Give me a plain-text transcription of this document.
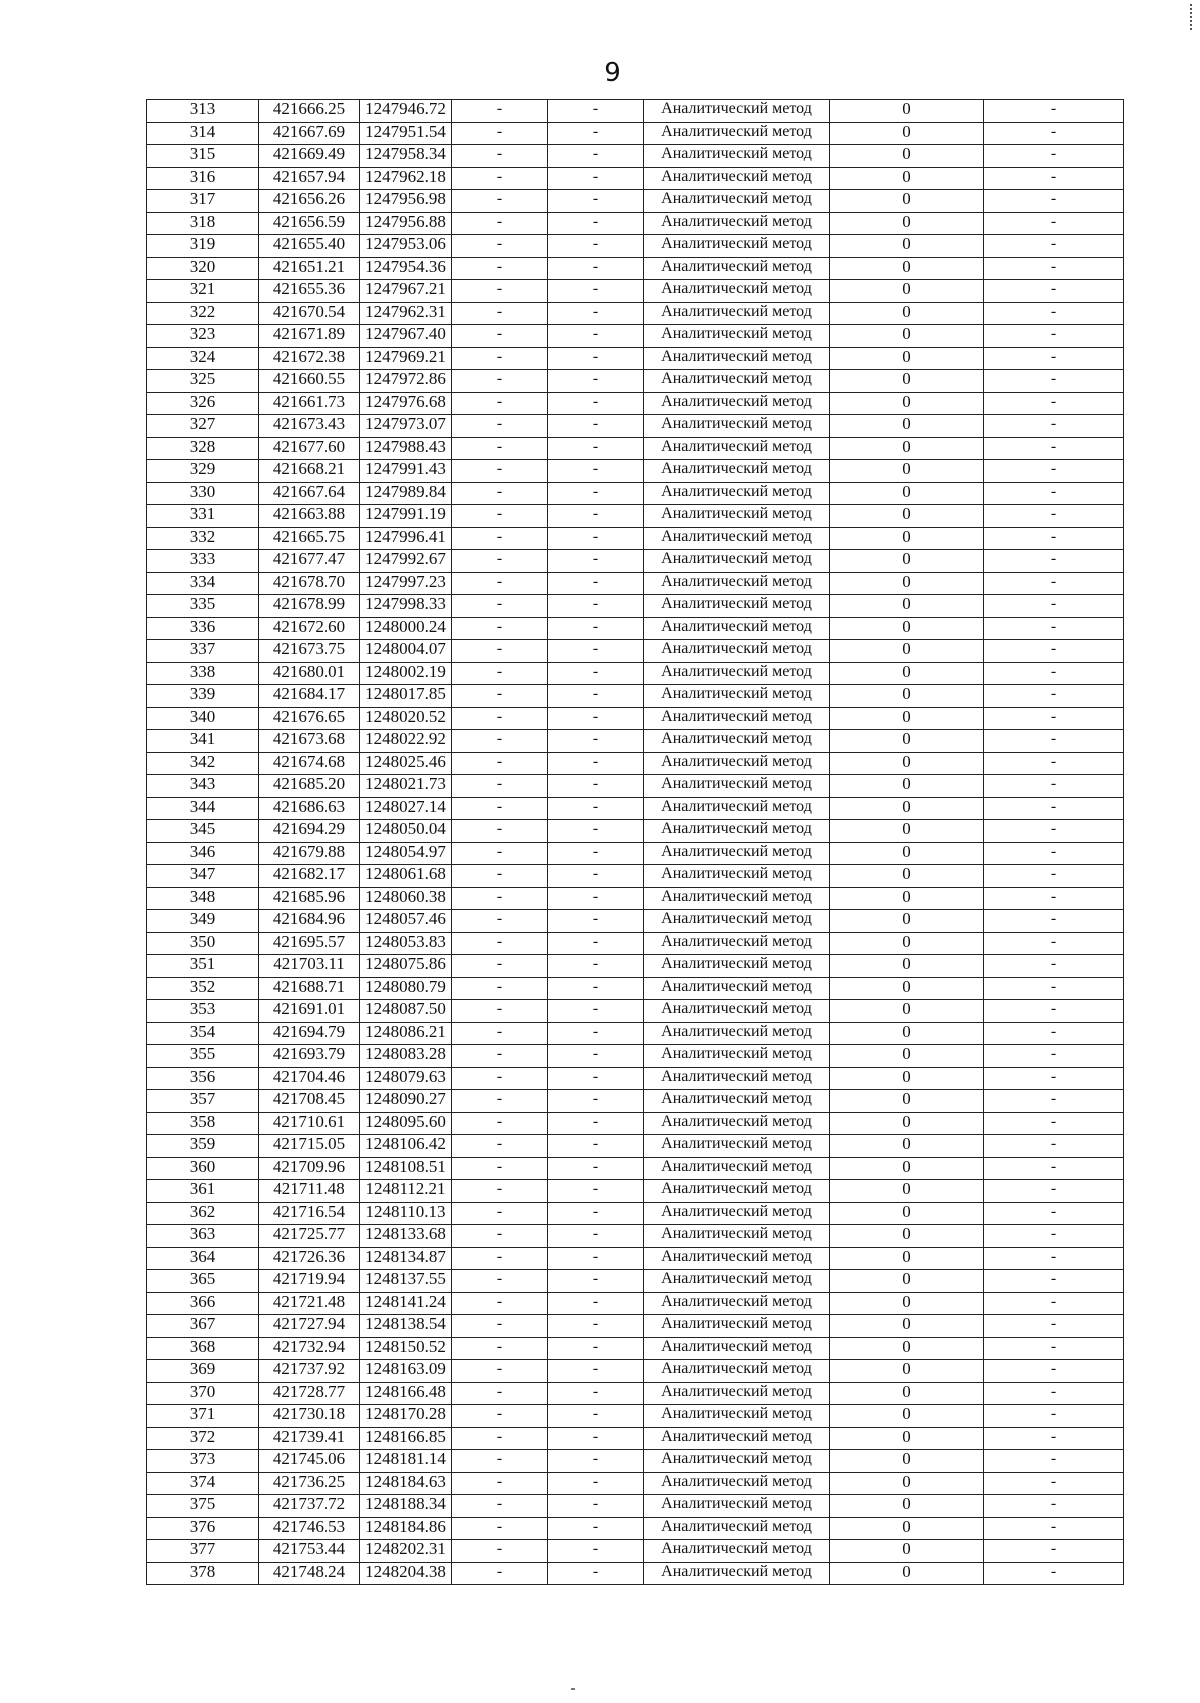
9
313	421666.25	1247946.72	-	-	Аналитический метод	0	-
314	421667.69	1247951.54	-	-	Аналитический метод	0	-
315	421669.49	1247958.34	-	-	Аналитический метод	0	-
316	421657.94	1247962.18	-	-	Аналитический метод	0	-
317	421656.26	1247956.98	-	-	Аналитический метод	0	-
318	421656.59	1247956.88	-	-	Аналитический метод	0	-
319	421655.40	1247953.06	-	-	Аналитический метод	0	-
320	421651.21	1247954.36	-	-	Аналитический метод	0	-
321	421655.36	1247967.21	-	-	Аналитический метод	0	-
322	421670.54	1247962.31	-	-	Аналитический метод	0	-
323	421671.89	1247967.40	-	-	Аналитический метод	0	-
324	421672.38	1247969.21	-	-	Аналитический метод	0	-
325	421660.55	1247972.86	-	-	Аналитический метод	0	-
326	421661.73	1247976.68	-	-	Аналитический метод	0	-
327	421673.43	1247973.07	-	-	Аналитический метод	0	-
328	421677.60	1247988.43	-	-	Аналитический метод	0	-
329	421668.21	1247991.43	-	-	Аналитический метод	0	-
330	421667.64	1247989.84	-	-	Аналитический метод	0	-
331	421663.88	1247991.19	-	-	Аналитический метод	0	-
332	421665.75	1247996.41	-	-	Аналитический метод	0	-
333	421677.47	1247992.67	-	-	Аналитический метод	0	-
334	421678.70	1247997.23	-	-	Аналитический метод	0	-
335	421678.99	1247998.33	-	-	Аналитический метод	0	-
336	421672.60	1248000.24	-	-	Аналитический метод	0	-
337	421673.75	1248004.07	-	-	Аналитический метод	0	-
338	421680.01	1248002.19	-	-	Аналитический метод	0	-
339	421684.17	1248017.85	-	-	Аналитический метод	0	-
340	421676.65	1248020.52	-	-	Аналитический метод	0	-
341	421673.68	1248022.92	-	-	Аналитический метод	0	-
342	421674.68	1248025.46	-	-	Аналитический метод	0	-
343	421685.20	1248021.73	-	-	Аналитический метод	0	-
344	421686.63	1248027.14	-	-	Аналитический метод	0	-
345	421694.29	1248050.04	-	-	Аналитический метод	0	-
346	421679.88	1248054.97	-	-	Аналитический метод	0	-
347	421682.17	1248061.68	-	-	Аналитический метод	0	-
348	421685.96	1248060.38	-	-	Аналитический метод	0	-
349	421684.96	1248057.46	-	-	Аналитический метод	0	-
350	421695.57	1248053.83	-	-	Аналитический метод	0	-
351	421703.11	1248075.86	-	-	Аналитический метод	0	-
352	421688.71	1248080.79	-	-	Аналитический метод	0	-
353	421691.01	1248087.50	-	-	Аналитический метод	0	-
354	421694.79	1248086.21	-	-	Аналитический метод	0	-
355	421693.79	1248083.28	-	-	Аналитический метод	0	-
356	421704.46	1248079.63	-	-	Аналитический метод	0	-
357	421708.45	1248090.27	-	-	Аналитический метод	0	-
358	421710.61	1248095.60	-	-	Аналитический метод	0	-
359	421715.05	1248106.42	-	-	Аналитический метод	0	-
360	421709.96	1248108.51	-	-	Аналитический метод	0	-
361	421711.48	1248112.21	-	-	Аналитический метод	0	-
362	421716.54	1248110.13	-	-	Аналитический метод	0	-
363	421725.77	1248133.68	-	-	Аналитический метод	0	-
364	421726.36	1248134.87	-	-	Аналитический метод	0	-
365	421719.94	1248137.55	-	-	Аналитический метод	0	-
366	421721.48	1248141.24	-	-	Аналитический метод	0	-
367	421727.94	1248138.54	-	-	Аналитический метод	0	-
368	421732.94	1248150.52	-	-	Аналитический метод	0	-
369	421737.92	1248163.09	-	-	Аналитический метод	0	-
370	421728.77	1248166.48	-	-	Аналитический метод	0	-
371	421730.18	1248170.28	-	-	Аналитический метод	0	-
372	421739.41	1248166.85	-	-	Аналитический метод	0	-
373	421745.06	1248181.14	-	-	Аналитический метод	0	-
374	421736.25	1248184.63	-	-	Аналитический метод	0	-
375	421737.72	1248188.34	-	-	Аналитический метод	0	-
376	421746.53	1248184.86	-	-	Аналитический метод	0	-
377	421753.44	1248202.31	-	-	Аналитический метод	0	-
378	421748.24	1248204.38	-	-	Аналитический метод	0	-
